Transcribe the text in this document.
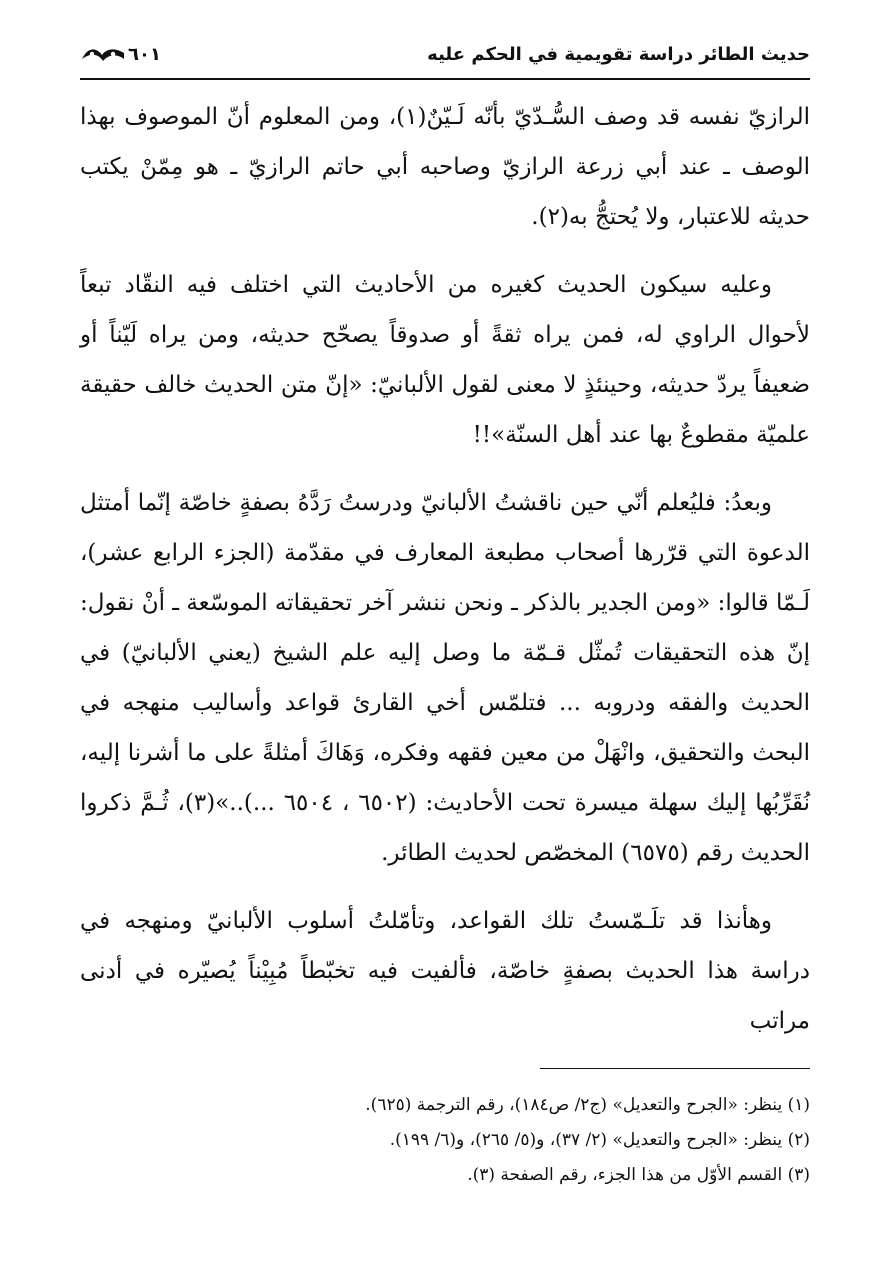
حديث الطائر دراسة تقويمية في الحكم عليه
٦٠١

الرازيّ نفسه قد وصف السُّـدّيّ بأنّه لَـيّنٌ(١)، ومن المعلوم أنّ الموصوف بهذا الوصف ـ عند أبي زرعة الرازيّ وصاحبه أبي حاتم الرازيّ ـ هو مِمّنْ يكتب حديثه للاعتبار، ولا يُحتجُّ به(٢).

وعليه سيكون الحديث كغيره من الأحاديث التي اختلف فيه النقّاد تبعاً لأحوال الراوي له، فمن يراه ثقةً أو صدوقاً يصحّح حديثه، ومن يراه لَيّناً أو ضعيفاً يردّ حديثه، وحينئذٍ لا معنى لقول الألبانيّ: «إنّ متن الحديث خالف حقيقة علميّة مقطوعٌ بها عند أهل السنّة»!!

وبعدُ: فليُعلم أنّي حين ناقشتُ الألبانيّ ودرستُ رَدَّهُ بصفةٍ خاصّة إنّما أمتثل الدعوة التي قرّرها أصحاب مطبعة المعارف في مقدّمة (الجزء الرابع عشر)، لَـمّا قالوا: «ومن الجدير بالذكر ـ ونحن ننشر آخر تحقيقاته الموسّعة ـ أنْ نقول: إنّ هذه التحقيقات تُمثّل قـمّة ما وصل إليه علم الشيخ (يعني الألبانيّ) في الحديث والفقه ودروبه ... فتلمّس أخي القارئ قواعد وأساليب منهجه في البحث والتحقيق، وانْهَلْ من معين فقهه وفكره، وَهَاكَ أمثلةً على ما أشرنا إليه، نُقَرِّبُها إليك سهلة ميسرة تحت الأحاديث: (٦٥٠٢ ، ٦٥٠٤ ...)..»(٣)، ثُـمَّ ذكروا الحديث رقم (٦٥٧٥) المخصّص لحديث الطائر.

وهأنذا قد تلَـمّستُ تلك القواعد، وتأمّلتُ أسلوب الألبانيّ ومنهجه في دراسة هذا الحديث بصفةٍ خاصّة، فألفيت فيه تخبّطاً مُبِيْناً يُصيّره في أدنى مراتب

(١) ينظر: «الجرح والتعديل» (ج٢/ ص١٨٤)، رقم الترجمة (٦٢٥).

(٢) ينظر: «الجرح والتعديل» (٢/ ٣٧)، و(٥/ ٢٦٥)، و(٦/ ١٩٩).

(٣) القسم الأوّل من هذا الجزء، رقم الصفحة (٣).
